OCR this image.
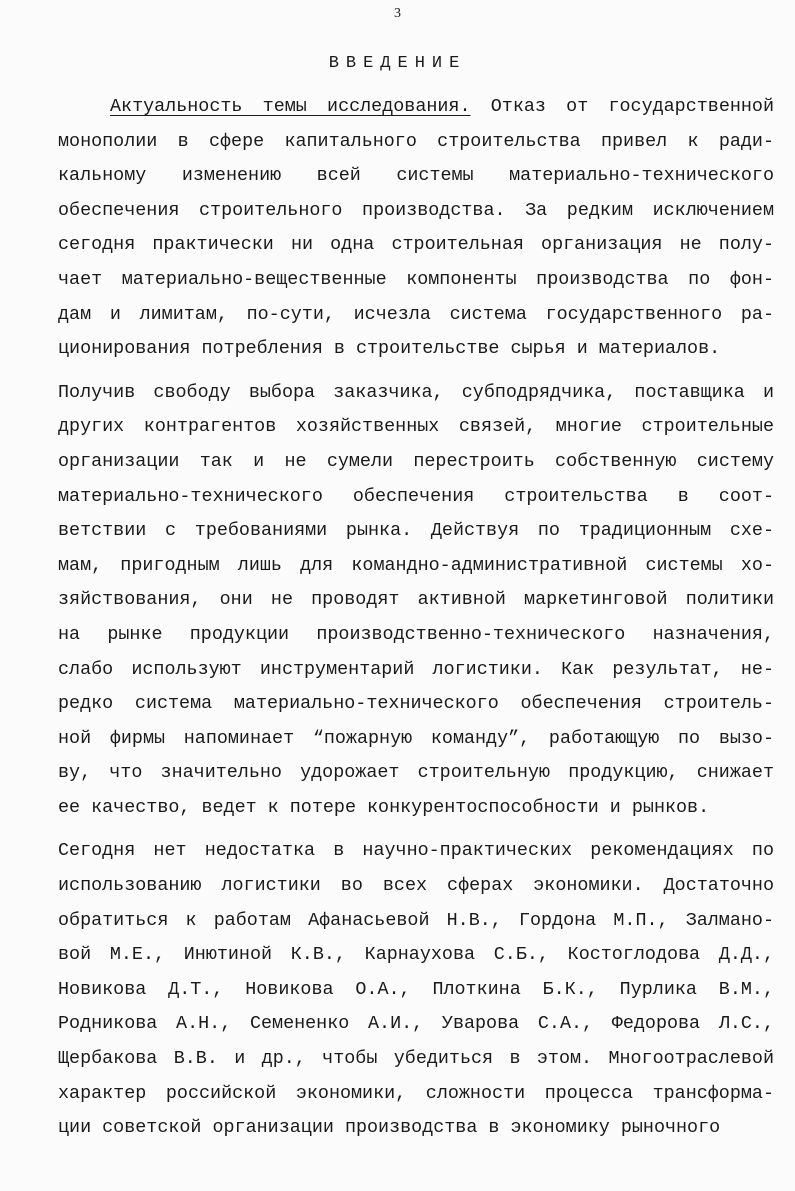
3
ВВЕДЕНИЕ
Актуальность темы исследования. Отказ от государственной
монополии в сфере капитального строительства привел к ради-
кальному изменению всей системы материально-технического
обеспечения строительного производства. За редким исключением
сегодня практически ни одна строительная организация не полу-
чает материально-вещественные компоненты производства по фон-
дам и лимитам, по-сути, исчезла система государственного ра-
ционирования потребления в строительстве сырья и материалов.
Получив свободу выбора заказчика, субподрядчика, поставщика и
других контрагентов хозяйственных связей, многие строительные
организации так и не сумели перестроить собственную систему
материально-технического обеспечения строительства в соот-
ветствии с требованиями рынка. Действуя по традиционным схе-
мам, пригодным лишь для командно-административной системы хо-
зяйствования, они не проводят активной маркетинговой политики
на рынке продукции производственно-технического назначения,
слабо используют инструментарий логистики. Как результат, не-
редко система материально-технического обеспечения строитель-
ной фирмы напоминает “пожарную команду”, работающую по вызо-
ву, что значительно удорожает строительную продукцию, снижает
ее качество, ведет к потере конкурентоспособности и рынков.
Сегодня нет недостатка в научно-практических рекомендациях по
использованию логистики во всех сферах экономики. Достаточно
обратиться к работам Афанасьевой Н.В., Гордона М.П., Залмано-
вой М.Е., Инютиной К.В., Карнаухова С.Б., Костоглодова Д.Д.,
Новикова Д.Т., Новикова О.А., Плоткина Б.К., Пурлика В.М.,
Родникова А.Н., Семененко А.И., Уварова С.А., Федорова Л.С.,
Щербакова В.В. и др., чтобы убедиться в этом. Многоотраслевой
характер российской экономики, сложности процесса трансформа-
ции советской организации производства в экономику рыночного
